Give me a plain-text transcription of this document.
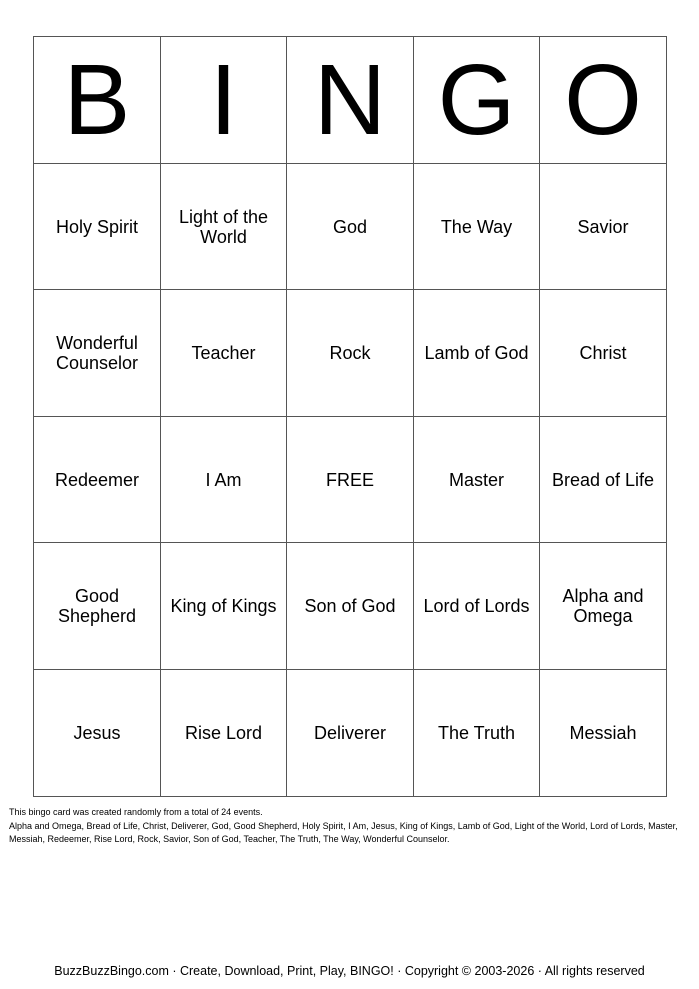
B	I	N	G	O
Holy Spirit	Light of the World	God	The Way	Savior
Wonderful Counselor	Teacher	Rock	Lamb of God	Christ
Redeemer	I Am	FREE	Master	Bread of Life
Good Shepherd	King of Kings	Son of God	Lord of Lords	Alpha and Omega
Jesus	Rise Lord	Deliverer	The Truth	Messiah

This bingo card was created randomly from a total of 24 events.

Alpha and Omega, Bread of Life, Christ, Deliverer, God, Good Shepherd, Holy Spirit, I Am, Jesus, King of Kings, Lamb of God, Light of the World, Lord of Lords, Master, Messiah, Redeemer, Rise Lord, Rock, Savior, Son of God, Teacher, The Truth, The Way, Wonderful Counselor.

BuzzBuzzBingo.com · Create, Download, Print, Play, BINGO! · Copyright © 2003-2026 · All rights reserved
